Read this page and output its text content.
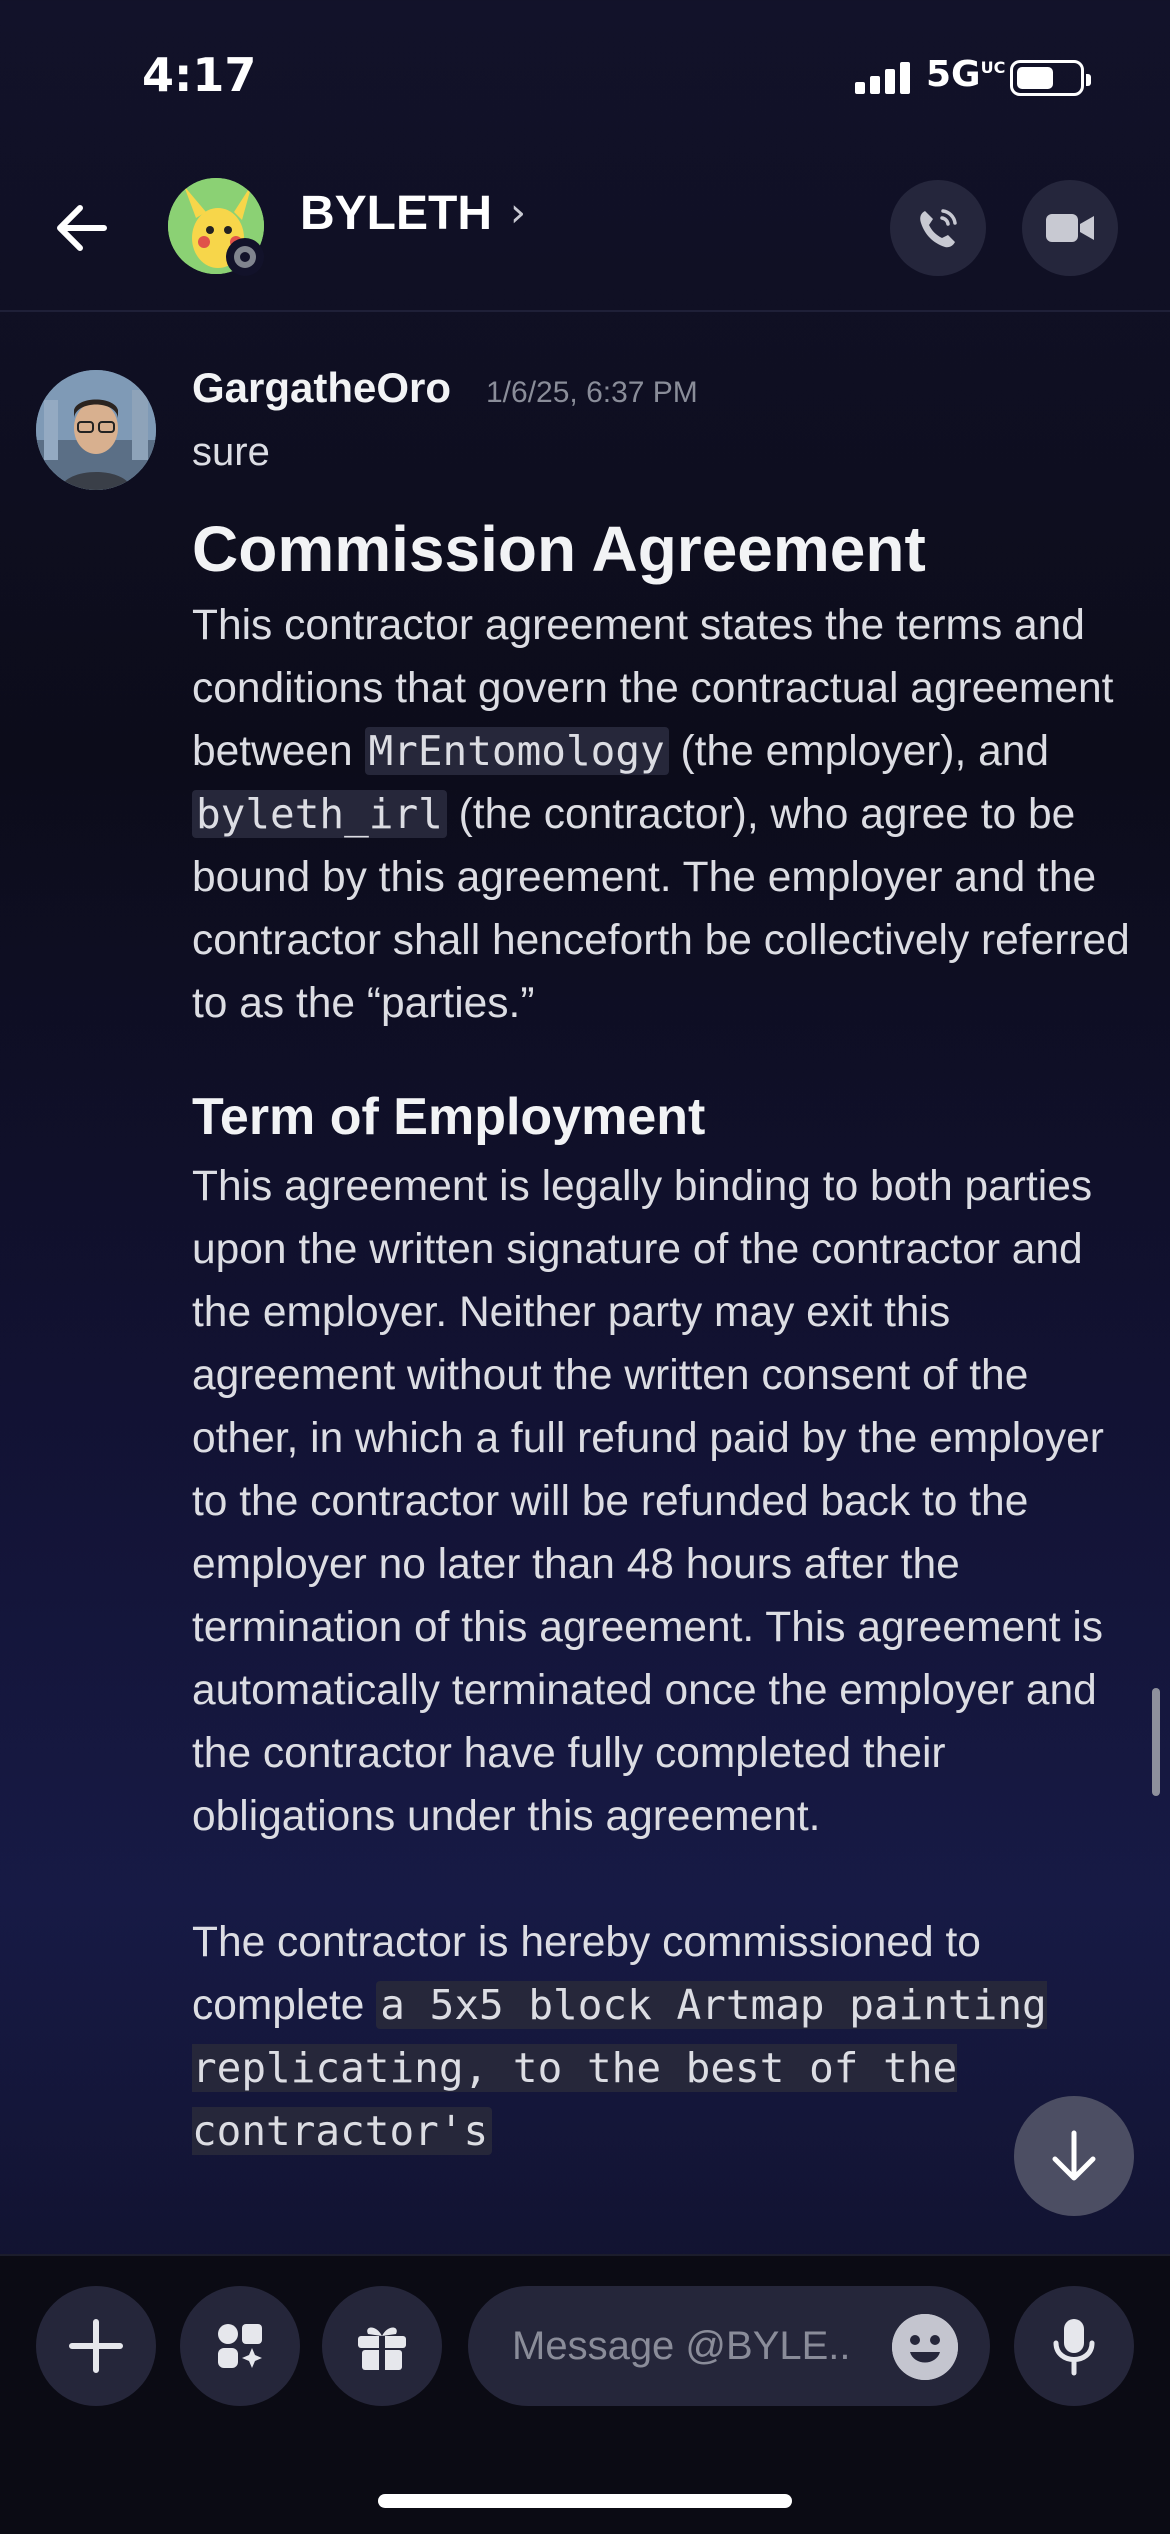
4:17	$5G^{UC}$
BYLETH ›
GargatheOro 1/6/25, 6:37 PM
sure

Commission Agreement

This contractor agreement states the terms and conditions that govern the contractual agreement between MrEntomology (the employer), and byleth_irl (the contractor), who agree to be bound by this agreement. The employer and the contractor shall henceforth be collectively referred to as the “parties.”

Term of Employment

This agreement is legally binding to both parties upon the written signature of the contractor and the employer. Neither party may exit this agreement without the written consent of the other, in which a full refund paid by the employer to the contractor will be refunded back to the employer no later than 48 hours after the termination of this agreement. This agreement is automatically terminated once the employer and the contractor have fully completed their obligations under this agreement.

The contractor is hereby commissioned to complete a 5x5 block Artmap painting replicating, to the best of the contractor's

Message @BYLE..
